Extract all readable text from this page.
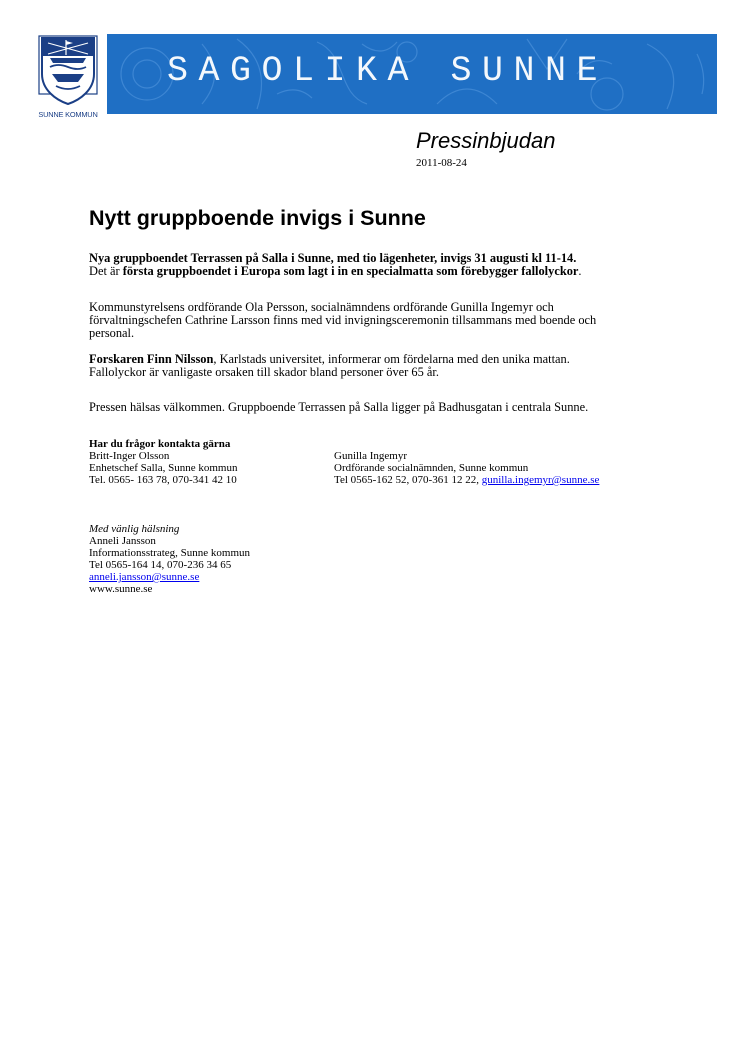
SUNNE KOMMUN
SAGOLIKA SUNNE
Pressinbjudan
2011-08-24
Nytt gruppboende invigs i Sunne

Nya gruppboendet Terrassen på Salla i Sunne, med tio lägenheter, invigs 31 augusti kl 11-14.

Det är första gruppboendet i Europa som lagt i in en specialmatta som förebygger fallolyckor.

Kommunstyrelsens ordförande Ola Persson, socialnämndens ordförande Gunilla Ingemyr och

förvaltningschefen Cathrine Larsson finns med vid invigningsceremonin tillsammans med boende och

personal.

Forskaren Finn Nilsson, Karlstads universitet, informerar om fördelarna med den unika mattan.

Fallolyckor är vanligaste orsaken till skador bland personer över 65 år.

Pressen hälsas välkommen. Gruppboende Terrassen på Salla ligger på Badhusgatan i centrala Sunne.

Har du frågor kontakta gärna
Britt-Inger Olsson
Enhetschef Salla, Sunne kommun
Tel. 0565- 163 78, 070-341 42 10
Gunilla Ingemyr
Ordförande socialnämnden, Sunne kommun
Tel 0565-162 52, 070-361 12 22, gunilla.ingemyr@sunne.se
Med vänlig hälsning
Anneli Jansson
Informationsstrateg, Sunne kommun
Tel 0565-164 14, 070-236 34 65
anneli.jansson@sunne.se
www.sunne.se
